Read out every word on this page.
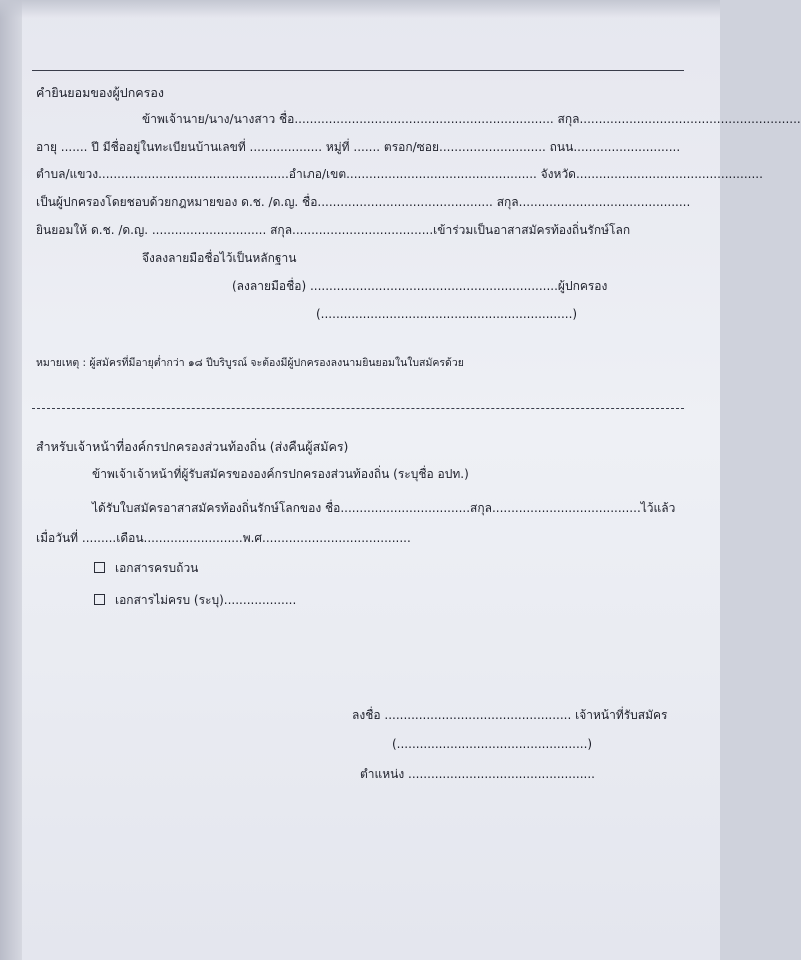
คำยินยอมของผู้ปกครอง
ข้าพเจ้านาย/นาง/นางสาว ชื่อ.................................................................... สกุล..........................................................
อายุ ....... ปี มีชื่ออยู่ในทะเบียนบ้านเลขที่ ................... หมู่ที่ ....... ตรอก/ซอย............................ ถนน............................
ตำบล/แขวง..................................................อำเภอ/เขต.................................................. จังหวัด.................................................
เป็นผู้ปกครองโดยชอบด้วยกฎหมายของ ด.ช. /ด.ญ. ชื่อ.............................................. สกุล.............................................
ยินยอมให้ ด.ช. /ด.ญ. .............................. สกุล.....................................เข้าร่วมเป็นอาสาสมัครท้องถิ่นรักษ์โลก
จึงลงลายมือชื่อไว้เป็นหลักฐาน
(ลงลายมือชื่อ) .................................................................ผู้ปกครอง
(..................................................................)
หมายเหตุ : ผู้สมัครที่มีอายุต่ำกว่า ๑๘ ปีบริบูรณ์ จะต้องมีผู้ปกครองลงนามยินยอมในใบสมัครด้วย
สำหรับเจ้าหน้าที่องค์กรปกครองส่วนท้องถิ่น (ส่งคืนผู้สมัคร)
ข้าพเจ้าเจ้าหน้าที่ผู้รับสมัครขององค์กรปกครองส่วนท้องถิ่น (ระบุชื่อ อปท.)
ได้รับใบสมัครอาสาสมัครท้องถิ่นรักษ์โลกของ ชื่อ..................................สกุล.......................................ไว้แล้ว
เมื่อวันที่ .........เดือน..........................พ.ศ.......................................
เอกสารครบถ้วน
เอกสารไม่ครบ (ระบุ)...................
ลงชื่อ ................................................. เจ้าหน้าที่รับสมัคร
(..................................................)
ตำแหน่ง .................................................
